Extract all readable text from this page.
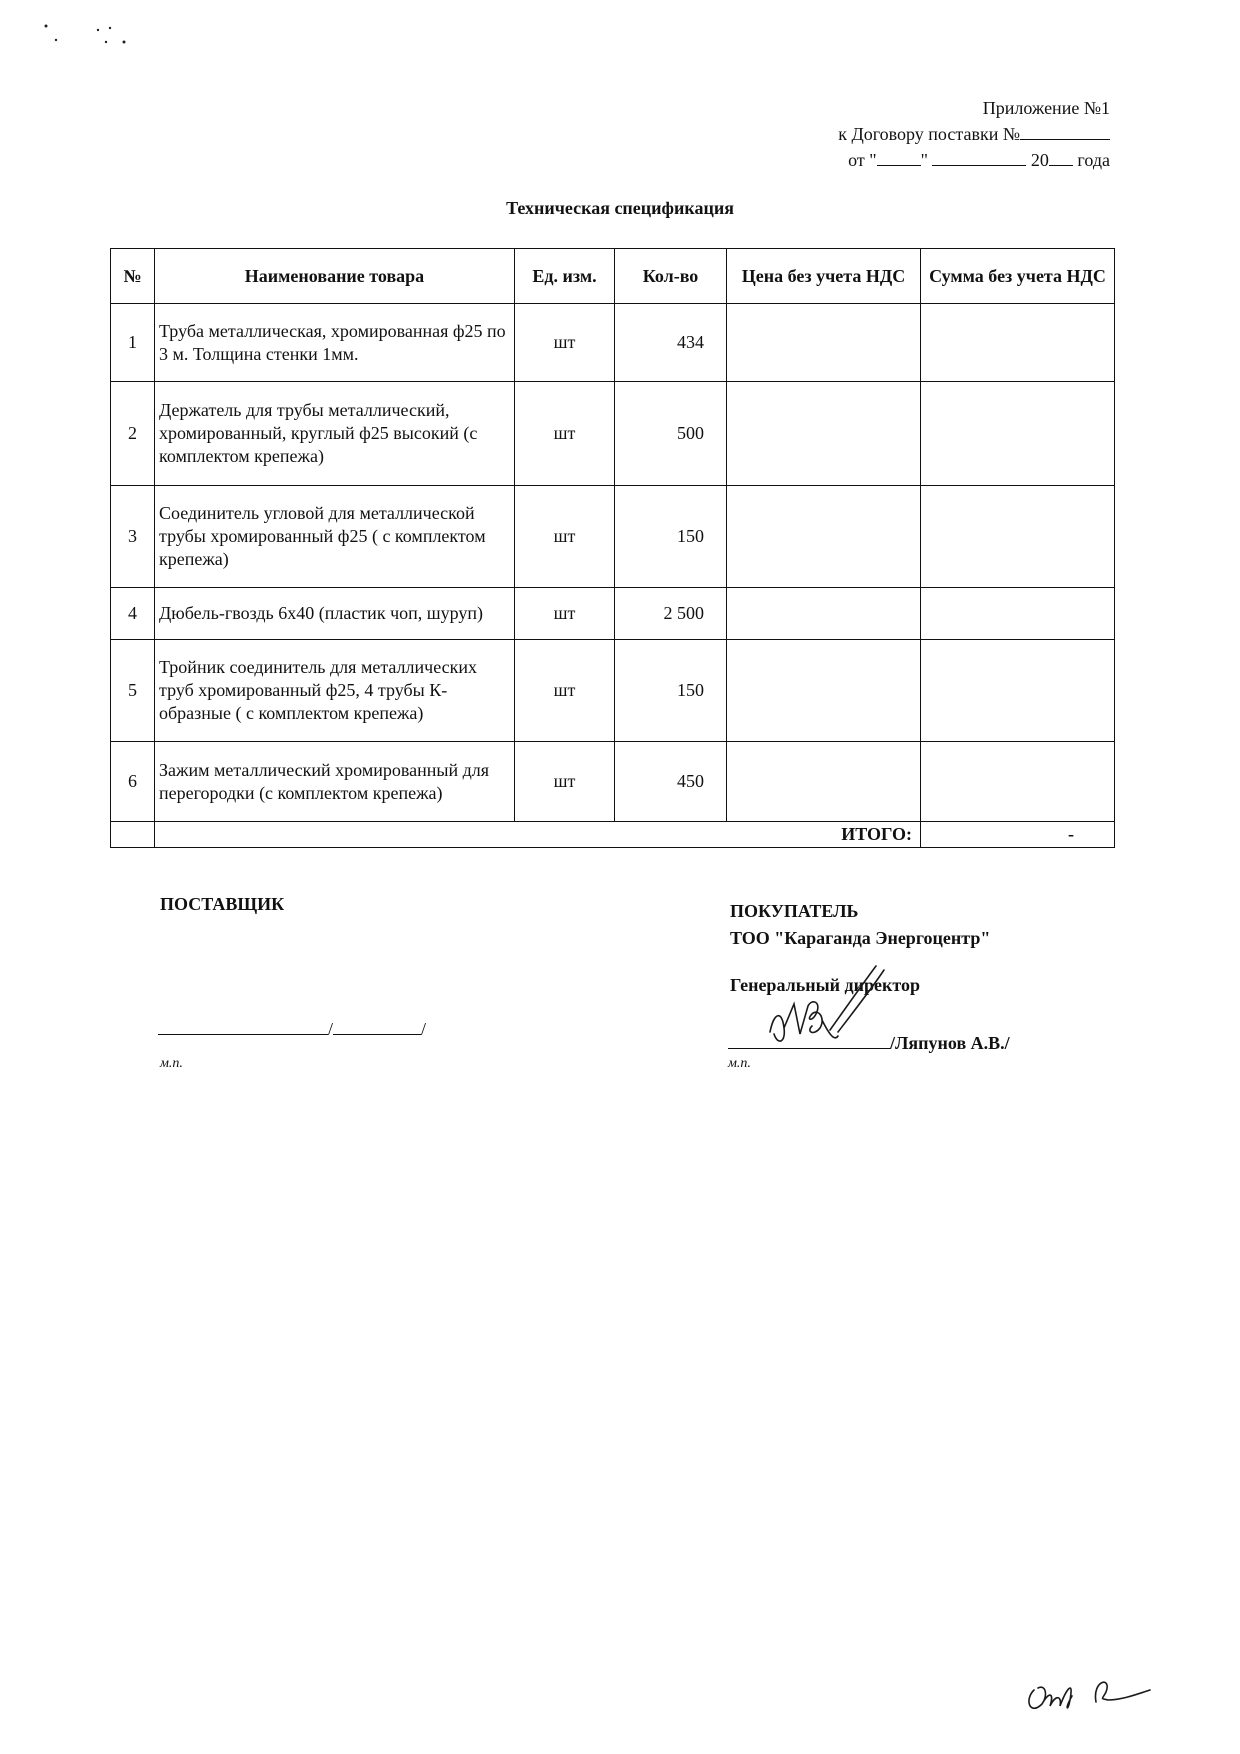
Приложение №1
к Договору поставки №
от " "	20 года
Техническая спецификация
№	Наименование товара	Ед. изм.	Кол-во	Цена без учета НДС	Сумма без учета НДС
1	Труба металлическая, хромированная ф25 по 3 м. Толщина стенки 1мм.	шт	434		
2	Держатель для трубы металлический, хромированный, круглый ф25 высокий (с комплектом крепежа)	шт	500		
3	Соединитель угловой для металлической трубы хромированный ф25 ( с комплектом крепежа)	шт	150		
4	Дюбель-гвоздь 6х40 (пластик чоп, шуруп)	шт	2 500		
5	Тройник соединитель для металлических труб хромированный ф25, 4 трубы К-образные ( с комплектом крепежа)	шт	150		
6	Зажим металлический хромированный для перегородки (с комплектом крепежа)	шт	450		
	ИТОГО:				-
ПОСТАВЩИК
/	/
м.п.
ПОКУПАТЕЛЬ
ТОО "Караганда Энергоцентр"
Генеральный директор
/Ляпунов А.В./
м.п.
